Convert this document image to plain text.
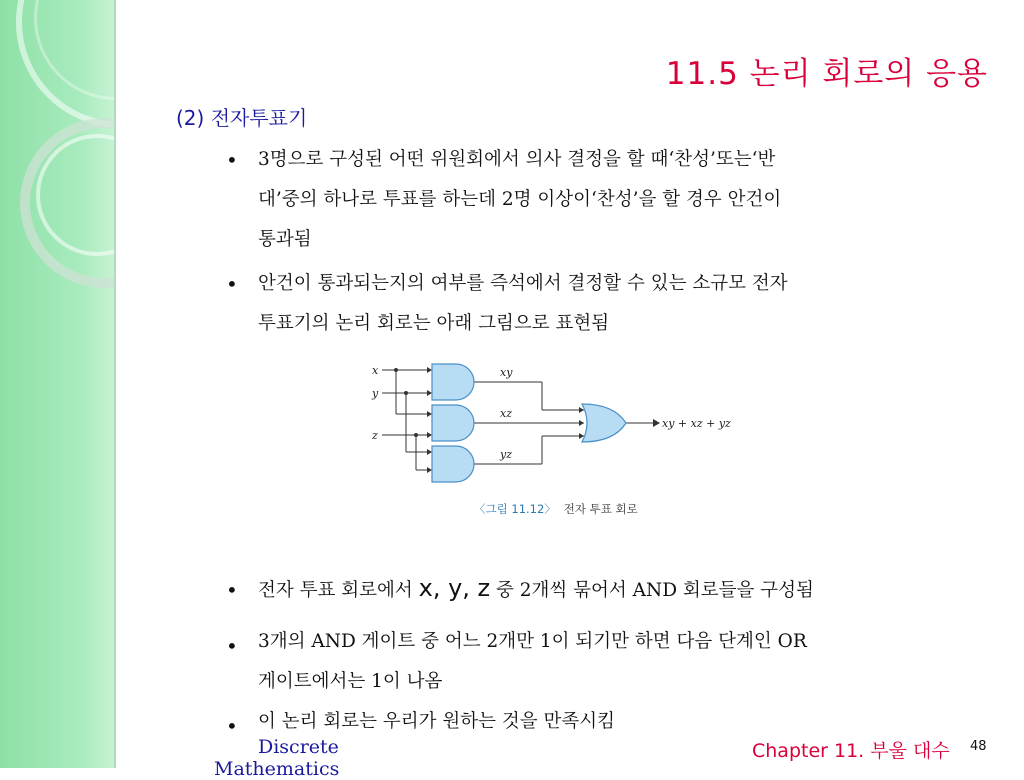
11.5 논리 회로의 응용
(2) 전자투표기
• 3명으로 구성된 어떤 위원회에서 의사 결정을 할 때‘찬성’또는‘반
대’중의 하나로 투표를 하는데 2명 이상이‘찬성’을 할 경우 안건이
통과됨
• 안건이 통과되는지의 여부를 즉석에서 결정할 수 있는 소규모 전자
투표기의 논리 회로는 아래 그림으로 표현됨
x
y
z
xy
xz
yz
xy + xz + yz
〈그림 11.12〉 전자 투표 회로
• 전자 투표 회로에서 x, y, z 중 2개씩 묶어서 AND 회로들을 구성됨
• 3개의 AND 게이트 중 어느 2개만 1이 되기만 하면 다음 단계인 OR
게이트에서는 1이 나옴
• 이 논리 회로는 우리가 원하는 것을 만족시킴
Discrete
Mathematics
Chapter 11. 부울 대수 48
